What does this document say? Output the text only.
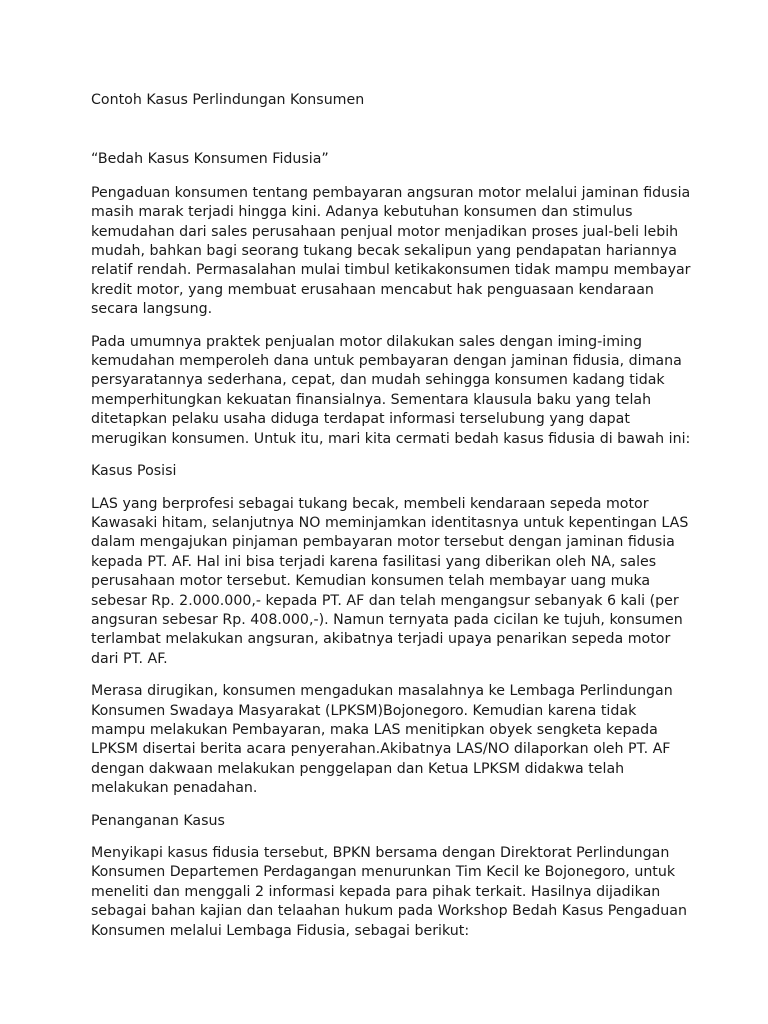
Contoh Kasus Perlindungan Konsumen
“Bedah Kasus Konsumen Fidusia”
Pengaduan konsumen tentang pembayaran angsuran motor melalui jaminan fidusia
masih marak terjadi hingga kini. Adanya kebutuhan konsumen dan stimulus
kemudahan dari sales perusahaan penjual motor menjadikan proses jual-beli lebih
mudah, bahkan bagi seorang tukang becak sekalipun yang pendapatan hariannya
relatif rendah. Permasalahan mulai timbul ketikakonsumen tidak mampu membayar
kredit motor, yang membuat erusahaan mencabut hak penguasaan kendaraan
secara langsung.
Pada umumnya praktek penjualan motor dilakukan sales dengan iming-iming
kemudahan memperoleh dana untuk pembayaran dengan jaminan fidusia, dimana
persyaratannya sederhana, cepat, dan mudah sehingga konsumen kadang tidak
memperhitungkan kekuatan finansialnya. Sementara klausula baku yang telah
ditetapkan pelaku usaha diduga terdapat informasi terselubung yang dapat
merugikan konsumen. Untuk itu, mari kita cermati bedah kasus fidusia di bawah ini:
Kasus Posisi
LAS yang berprofesi sebagai tukang becak, membeli kendaraan sepeda motor
Kawasaki hitam, selanjutnya NO meminjamkan identitasnya untuk kepentingan LAS
dalam mengajukan pinjaman pembayaran motor tersebut dengan jaminan fidusia
kepada PT. AF. Hal ini bisa terjadi karena fasilitasi yang diberikan oleh NA, sales
perusahaan motor tersebut. Kemudian konsumen telah membayar uang muka
sebesar Rp. 2.000.000,- kepada PT. AF dan telah mengangsur sebanyak 6 kali (per
angsuran sebesar Rp. 408.000,-). Namun ternyata pada cicilan ke tujuh, konsumen
terlambat melakukan angsuran, akibatnya terjadi upaya penarikan sepeda motor
dari PT. AF.
Merasa dirugikan, konsumen mengadukan masalahnya ke Lembaga Perlindungan
Konsumen Swadaya Masyarakat (LPKSM)Bojonegoro. Kemudian karena tidak
mampu melakukan Pembayaran, maka LAS menitipkan obyek sengketa kepada
LPKSM disertai berita acara penyerahan.Akibatnya LAS/NO dilaporkan oleh PT. AF
dengan dakwaan melakukan penggelapan dan Ketua LPKSM didakwa telah
melakukan penadahan.
Penanganan Kasus
Menyikapi kasus fidusia tersebut, BPKN bersama dengan Direktorat Perlindungan
Konsumen Departemen Perdagangan menurunkan Tim Kecil ke Bojonegoro, untuk
meneliti dan menggali 2 informasi kepada para pihak terkait. Hasilnya dijadikan
sebagai bahan kajian dan telaahan hukum pada Workshop Bedah Kasus Pengaduan
Konsumen melalui Lembaga Fidusia, sebagai berikut:
